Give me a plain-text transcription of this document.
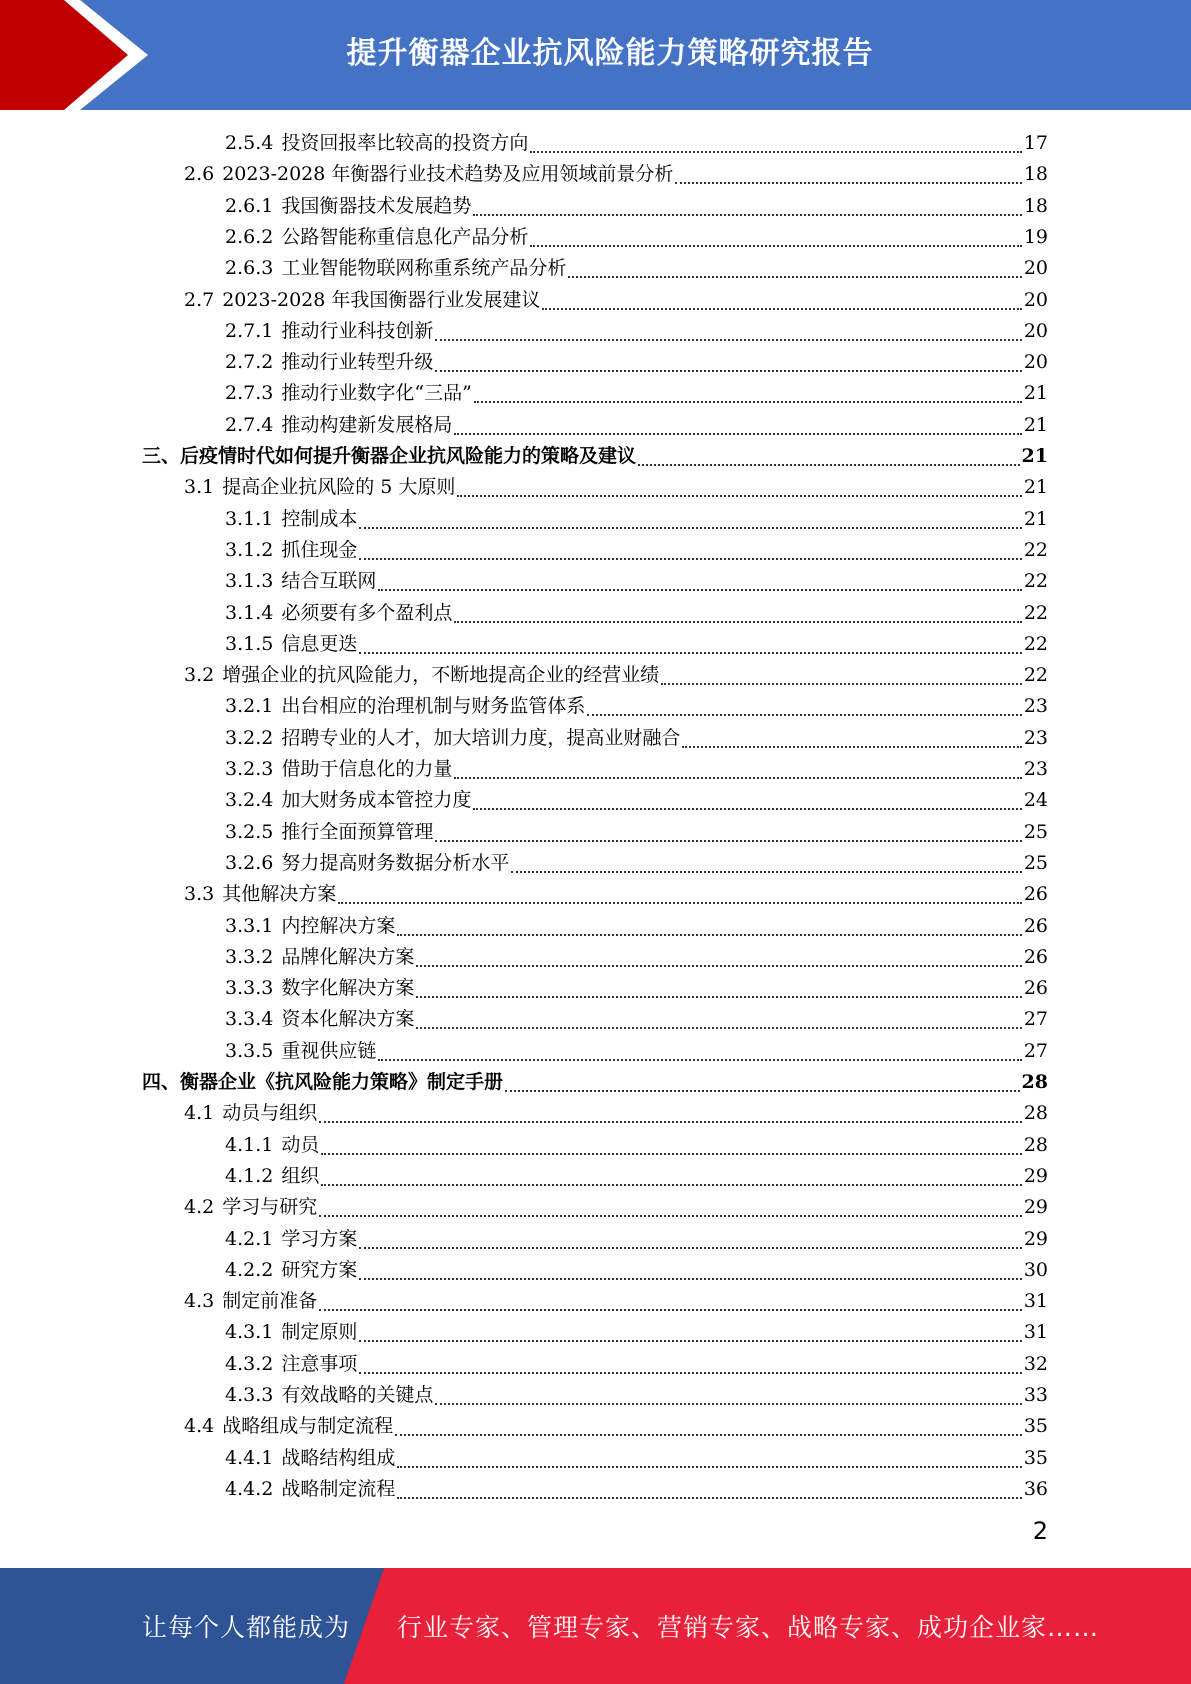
提升衡器企业抗风险能力策略研究报告
2.5.4 投资回报率比较高的投资方向	17
2.6 2023-2028 年衡器行业技术趋势及应用领域前景分析	18
2.6.1 我国衡器技术发展趋势	18
2.6.2 公路智能称重信息化产品分析	19
2.6.3 工业智能物联网称重系统产品分析	20
2.7 2023-2028 年我国衡器行业发展建议	20
2.7.1 推动行业科技创新	20
2.7.2 推动行业转型升级	20
2.7.3 推动行业数字化“三品”	21
2.7.4 推动构建新发展格局	21
三、 后疫情时代如何提升衡器企业抗风险能力的策略及建议	21
3.1 提高企业抗风险的 5 大原则	21
3.1.1 控制成本	21
3.1.2 抓住现金	22
3.1.3 结合互联网	22
3.1.4 必须要有多个盈利点	22
3.1.5 信息更迭	22
3.2 增强企业的抗风险能力，不断地提高企业的经营业绩	22
3.2.1 出台相应的治理机制与财务监管体系	23
3.2.2 招聘专业的人才，加大培训力度，提高业财融合	23
3.2.3 借助于信息化的力量	23
3.2.4 加大财务成本管控力度	24
3.2.5 推行全面预算管理	25
3.2.6 努力提高财务数据分析水平	25
3.3 其他解决方案	26
3.3.1 内控解决方案	26
3.3.2 品牌化解决方案	26
3.3.3 数字化解决方案	26
3.3.4 资本化解决方案	27
3.3.5 重视供应链	27
四、 衡器企业《抗风险能力策略》制定手册	28
4.1 动员与组织	28
4.1.1 动员	28
4.1.2 组织	29
4.2 学习与研究	29
4.2.1 学习方案	29
4.2.2 研究方案	30
4.3 制定前准备	31
4.3.1 制定原则	31
4.3.2 注意事项	32
4.3.3 有效战略的关键点	33
4.4 战略组成与制定流程	35
4.4.1 战略结构组成	35
4.4.2 战略制定流程	36
2
让每个人都能成为 行业专家、管理专家、营销专家、战略专家、成功企业家……
